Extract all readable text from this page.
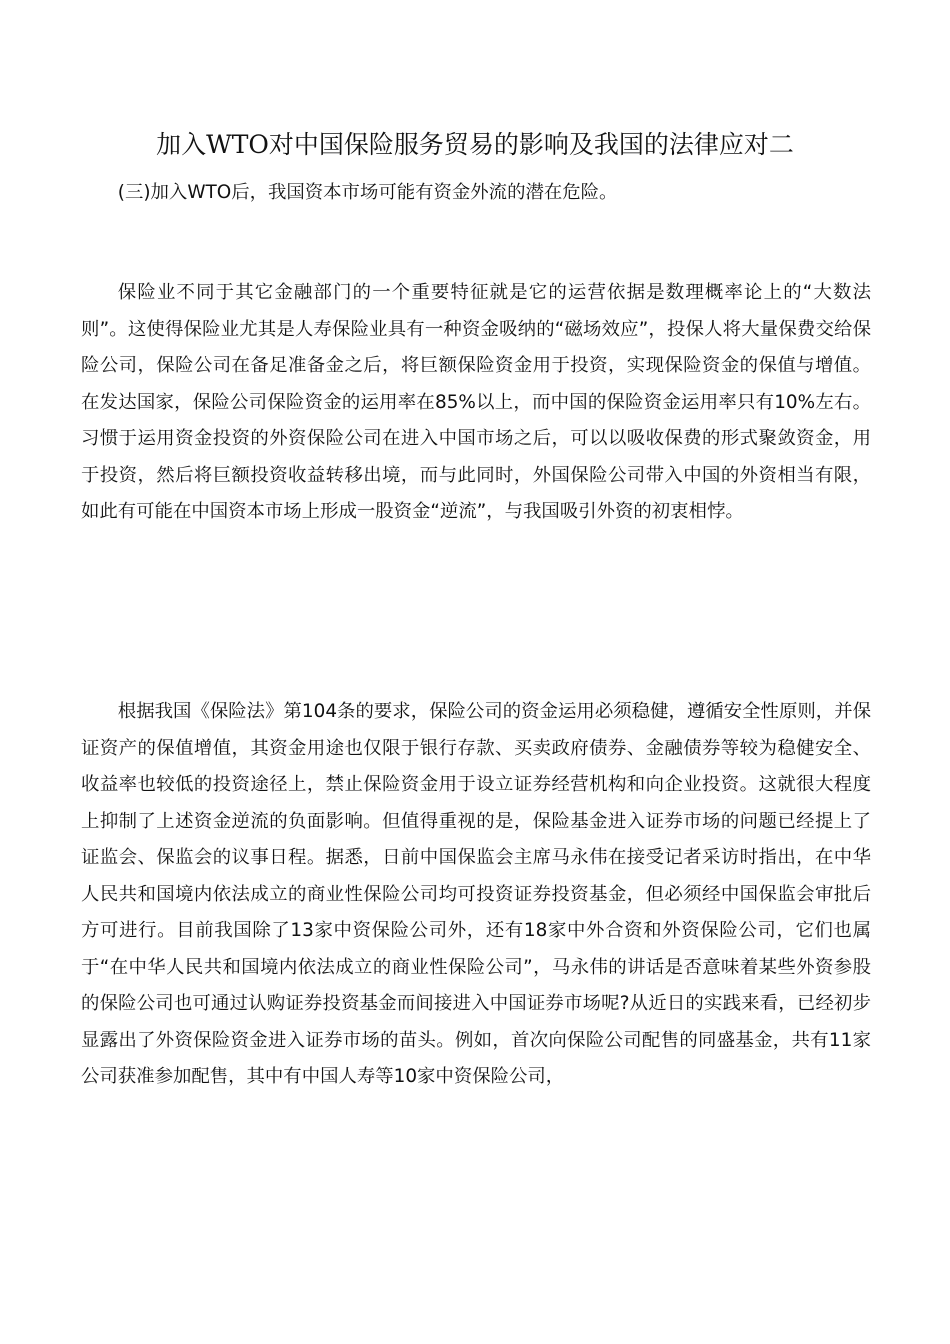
加入WTO对中国保险服务贸易的影响及我国的法律应对二

(三)加入WTO后，我国资本市场可能有资金外流的潜在危险。

保险业不同于其它金融部门的一个重要特征就是它的运营依据是数理概率论上的“大数法则”。这使得保险业尤其是人寿保险业具有一种资金吸纳的“磁场效应”，投保人将大量保费交给保险公司，保险公司在备足准备金之后，将巨额保险资金用于投资，实现保险资金的保值与增值。在发达国家，保险公司保险资金的运用率在85%以上，而中国的保险资金运用率只有10%左右。习惯于运用资金投资的外资保险公司在进入中国市场之后，可以以吸收保费的形式聚敛资金，用于投资，然后将巨额投资收益转移出境，而与此同时，外国保险公司带入中国的外资相当有限，如此有可能在中国资本市场上形成一股资金“逆流”，与我国吸引外资的初衷相悖。

根据我国《保险法》第104条的要求，保险公司的资金运用必须稳健，遵循安全性原则，并保证资产的保值增值，其资金用途也仅限于银行存款、买卖政府债券、金融债券等较为稳健安全、收益率也较低的投资途径上，禁止保险资金用于设立证券经营机构和向企业投资。这就很大程度上抑制了上述资金逆流的负面影响。但值得重视的是，保险基金进入证券市场的问题已经提上了证监会、保监会的议事日程。据悉，日前中国保监会主席马永伟在接受记者采访时指出，在中华人民共和国境内依法成立的商业性保险公司均可投资证券投资基金，但必须经中国保监会审批后方可进行。目前我国除了13家中资保险公司外，还有18家中外合资和外资保险公司，它们也属于“在中华人民共和国境内依法成立的商业性保险公司”，马永伟的讲话是否意味着某些外资参股的保险公司也可通过认购证券投资基金而间接进入中国证券市场呢?从近日的实践来看，已经初步显露出了外资保险资金进入证券市场的苗头。例如，首次向保险公司配售的同盛基金，共有11家公司获准参加配售，其中有中国人寿等10家中资保险公司，
